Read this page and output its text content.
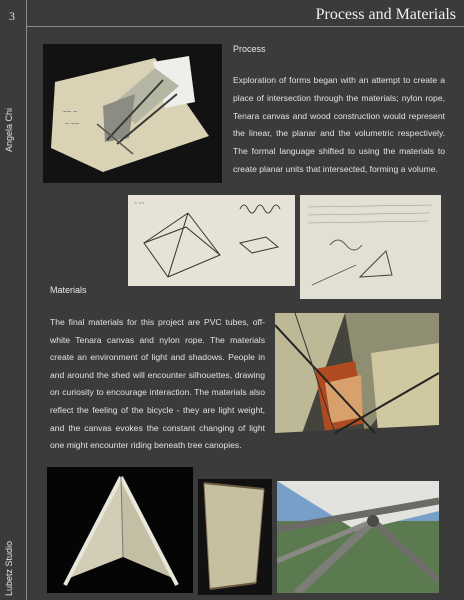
3	Process and Materials
Angela Chi
Lubetz Studio
~~ ~
~ ~~
Process
Exploration of forms began with an attempt to create a place of intersection through the materials; nylon rope, Tenara canvas and wood construction would represent the linear, the planar and the volumetric respectively. The formal language shifted to using the materials to create planar units that intersected, forming a volume.
~ ~~
Materials
The final materials for this project are PVC tubes, off-white Tenara canvas and nylon rope. The materials create an environment of light and shadows. People in and around the shed will encounter silhouettes, drawing on curiosity to encourage interaction. The materials also reflect the feeling of the bicycle - they are light weight, and the canvas evokes the constant changing of light one might encounter riding beneath tree canopies.
